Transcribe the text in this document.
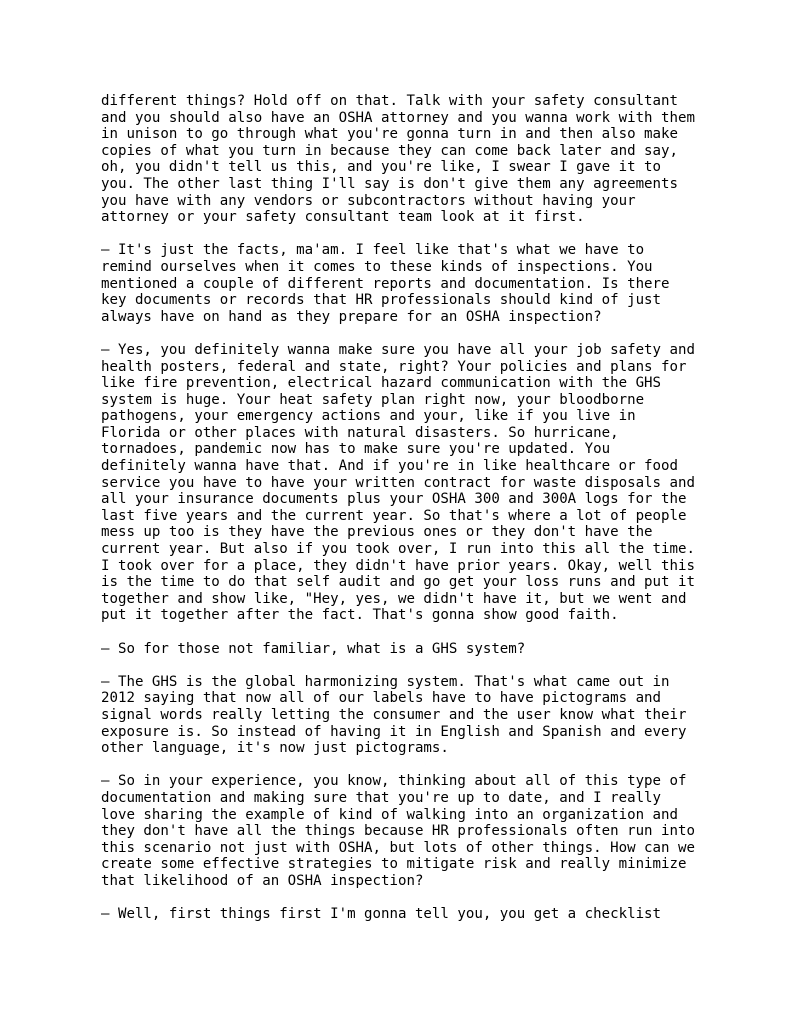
different things? Hold off on that. Talk with your safety consultant
and you should also have an OSHA attorney and you wanna work with them
in unison to go through what you're gonna turn in and then also make
copies of what you turn in because they can come back later and say,
oh, you didn't tell us this, and you're like, I swear I gave it to
you. The other last thing I'll say is don't give them any agreements
you have with any vendors or subcontractors without having your
attorney or your safety consultant team look at it first.

– It's just the facts, ma'am. I feel like that's what we have to
remind ourselves when it comes to these kinds of inspections. You
mentioned a couple of different reports and documentation. Is there
key documents or records that HR professionals should kind of just
always have on hand as they prepare for an OSHA inspection?

– Yes, you definitely wanna make sure you have all your job safety and
health posters, federal and state, right? Your policies and plans for
like fire prevention, electrical hazard communication with the GHS
system is huge. Your heat safety plan right now, your bloodborne
pathogens, your emergency actions and your, like if you live in
Florida or other places with natural disasters. So hurricane,
tornadoes, pandemic now has to make sure you're updated. You
definitely wanna have that. And if you're in like healthcare or food
service you have to have your written contract for waste disposals and
all your insurance documents plus your OSHA 300 and 300A logs for the
last five years and the current year. So that's where a lot of people
mess up too is they have the previous ones or they don't have the
current year. But also if you took over, I run into this all the time.
I took over for a place, they didn't have prior years. Okay, well this
is the time to do that self audit and go get your loss runs and put it
together and show like, "Hey, yes, we didn't have it, but we went and
put it together after the fact. That's gonna show good faith.

– So for those not familiar, what is a GHS system?

– The GHS is the global harmonizing system. That's what came out in
2012 saying that now all of our labels have to have pictograms and
signal words really letting the consumer and the user know what their
exposure is. So instead of having it in English and Spanish and every
other language, it's now just pictograms.

– So in your experience, you know, thinking about all of this type of
documentation and making sure that you're up to date, and I really
love sharing the example of kind of walking into an organization and
they don't have all the things because HR professionals often run into
this scenario not just with OSHA, but lots of other things. How can we
create some effective strategies to mitigate risk and really minimize
that likelihood of an OSHA inspection?

– Well, first things first I'm gonna tell you, you get a checklist
